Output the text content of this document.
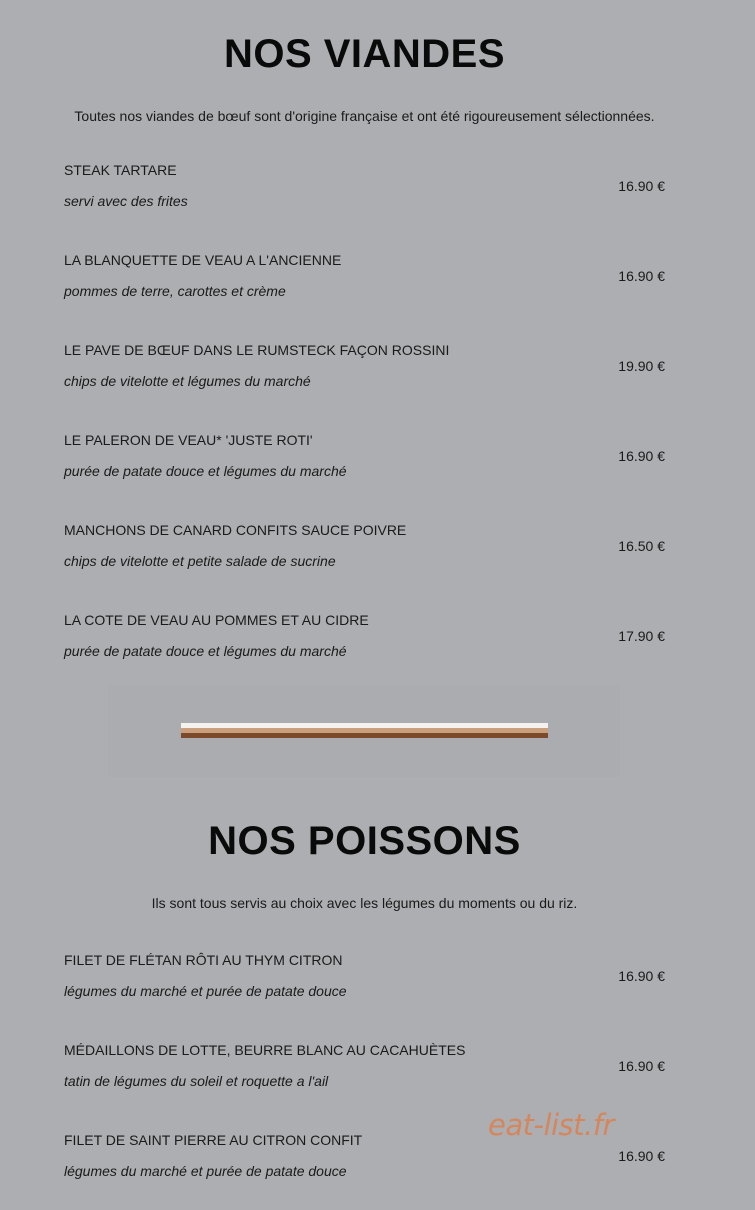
NOS VIANDES

Toutes nos viandes de bœuf sont d'origine française et ont été rigoureusement sélectionnées.

STEAK TARTARE
servi avec des frites
16.90 €
LA BLANQUETTE DE VEAU A L'ANCIENNE
pommes de terre, carottes et crème
16.90 €
LE PAVE DE BŒUF DANS LE RUMSTECK FAÇON ROSSINI
chips de vitelotte et légumes du marché
19.90 €
LE PALERON DE VEAU* 'JUSTE ROTI'
purée de patate douce et légumes du marché
16.90 €
MANCHONS DE CANARD CONFITS SAUCE POIVRE
chips de vitelotte et petite salade de sucrine
16.50 €
LA COTE DE VEAU AU POMMES ET AU CIDRE
purée de patate douce et légumes du marché
17.90 €
NOS POISSONS

Ils sont tous servis au choix avec les légumes du moments ou du riz.

FILET DE FLÉTAN RÔTI AU THYM CITRON
légumes du marché et purée de patate douce
16.90 €
MÉDAILLONS DE LOTTE, BEURRE BLANC AU CACAHUÈTES
tatin de légumes du soleil et roquette a l'ail
16.90 €
FILET DE SAINT PIERRE AU CITRON CONFIT
légumes du marché et purée de patate douce
16.90 €
eat-list.fr
